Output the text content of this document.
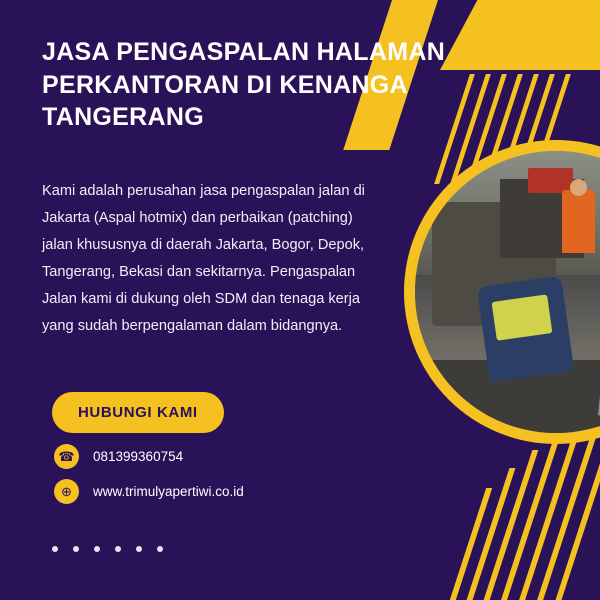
JASA PENGASPALAN HALAMAN PERKANTORAN DI KENANGA TANGERANG

Kami adalah perusahan jasa pengaspalan jalan di Jakarta (Aspal hotmix) dan perbaikan (patching) jalan khususnya di daerah Jakarta, Bogor, Depok, Tangerang, Bekasi dan sekitarnya. Pengaspalan Jalan kami di dukung oleh SDM dan tenaga kerja yang sudah berpengalaman dalam bidangnya.

HUBUNGI KAMI
☎	081399360754
⊕	www.trimulyapertiwi.co.id
